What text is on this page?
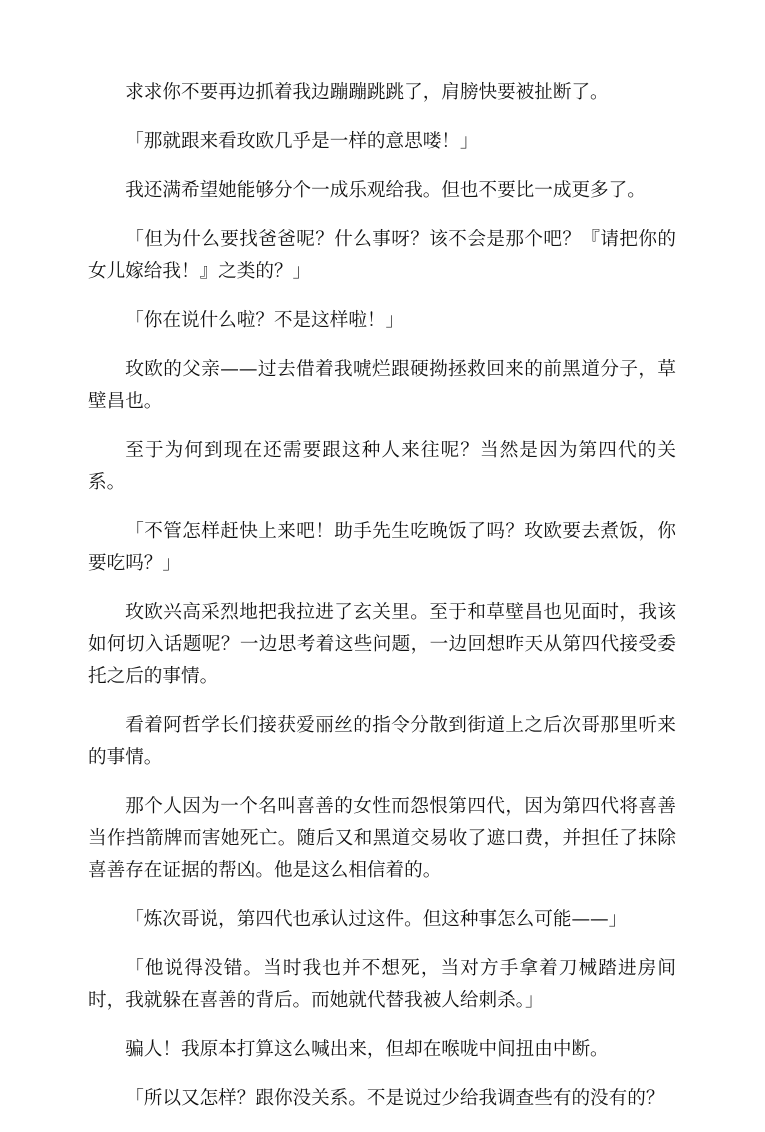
求求你不要再边抓着我边蹦蹦跳跳了，肩膀快要被扯断了。

「那就跟来看玫欧几乎是一样的意思喽！」

我还满希望她能够分个一成乐观给我。但也不要比一成更多了。

「但为什么要找爸爸呢？什么事呀？该不会是那个吧？『请把你的女儿嫁给我！』之类的？」

「你在说什么啦？不是这样啦！」

玫欧的父亲——过去借着我唬烂跟硬拗拯救回来的前黑道分子，草壁昌也。

至于为何到现在还需要跟这种人来往呢？当然是因为第四代的关系。

「不管怎样赶快上来吧！助手先生吃晚饭了吗？玫欧要去煮饭，你要吃吗？」

玫欧兴高采烈地把我拉进了玄关里。至于和草壁昌也见面时，我该如何切入话题呢？一边思考着这些问题，一边回想昨天从第四代接受委托之后的事情。

看着阿哲学长们接获爱丽丝的指令分散到街道上之后次哥那里听来的事情。

那个人因为一个名叫喜善的女性而怨恨第四代，因为第四代将喜善当作挡箭牌而害她死亡。随后又和黑道交易收了遮口费，并担任了抹除喜善存在证据的帮凶。他是这么相信着的。

「炼次哥说，第四代也承认过这件。但这种事怎么可能——」

「他说得没错。当时我也并不想死，当对方手拿着刀械踏进房间时，我就躲在喜善的背后。而她就代替我被人给刺杀。」

骗人！我原本打算这么喊出来，但却在喉咙中间扭由中断。

「所以又怎样？跟你没关系。不是说过少给我调查些有的没有的？
